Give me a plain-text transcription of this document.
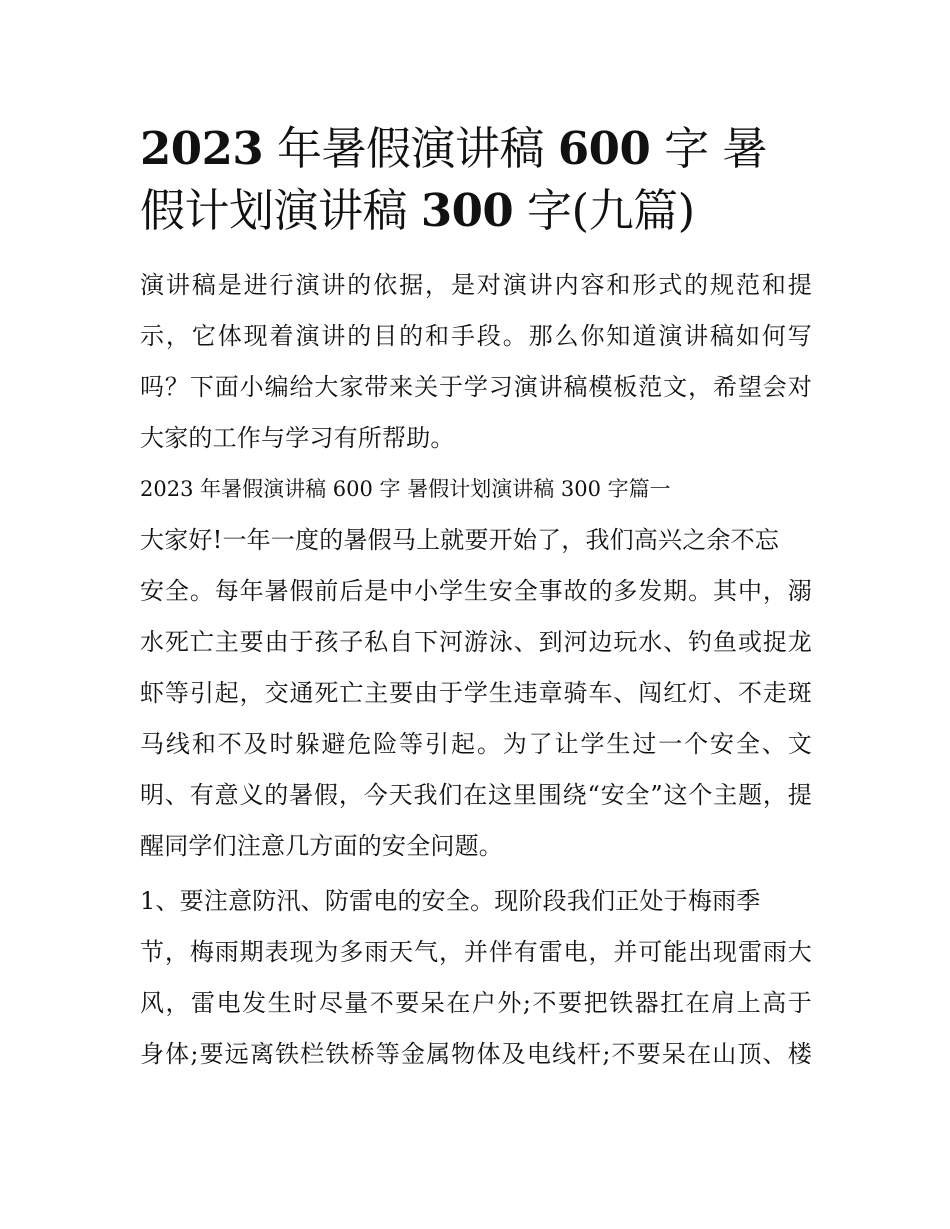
2023 年暑假演讲稿 600 字 暑
假计划演讲稿 300 字(九篇)
演讲稿是进行演讲的依据，是对演讲内容和形式的规范和提
示，它体现着演讲的目的和手段。那么你知道演讲稿如何写
吗？下面小编给大家带来关于学习演讲稿模板范文，希望会对
大家的工作与学习有所帮助。
2023 年暑假演讲稿 600 字 暑假计划演讲稿 300 字篇一
大家好!一年一度的暑假马上就要开始了，我们高兴之余不忘
安全。每年暑假前后是中小学生安全事故的多发期。其中，溺
水死亡主要由于孩子私自下河游泳、到河边玩水、钓鱼或捉龙
虾等引起，交通死亡主要由于学生违章骑车、闯红灯、不走斑
马线和不及时躲避危险等引起。为了让学生过一个安全、文
明、有意义的暑假，今天我们在这里围绕“安全”这个主题，提
醒同学们注意几方面的安全问题。
1、要注意防汛、防雷电的安全。现阶段我们正处于梅雨季
节，梅雨期表现为多雨天气，并伴有雷电，并可能出现雷雨大
风，雷电发生时尽量不要呆在户外;不要把铁器扛在肩上高于
身体;要远离铁栏铁桥等金属物体及电线杆;不要呆在山顶、楼
